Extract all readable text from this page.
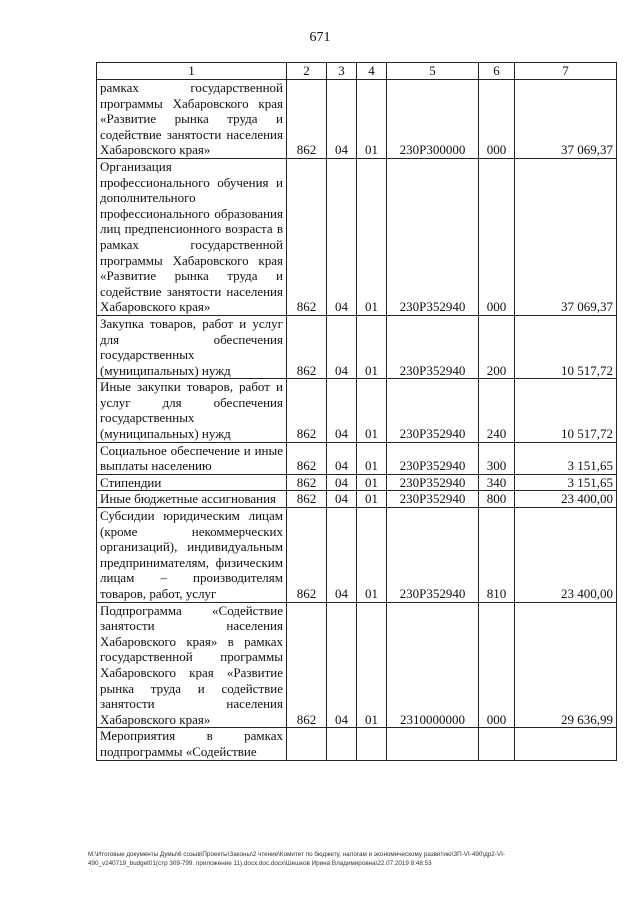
671
1	2	3	4	5	6	7
рамках государственной программы Хабаровского края «Развитие рынка труда и содействие занятости населения Хабаровского края»	862	04	01	230P300000	000	37 069,37
Организация профессионального обучения и дополнительного профессионального образования лиц предпенсионного возраста в рамках государственной программы Хабаровского края «Развитие рынка труда и содействие занятости населения Хабаровского края»	862	04	01	230P352940	000	37 069,37
Закупка товаров, работ и услуг для обеспечения государственных (муниципальных) нужд	862	04	01	230P352940	200	10 517,72
Иные закупки товаров, работ и услуг для обеспечения государственных (муниципальных) нужд	862	04	01	230P352940	240	10 517,72
Социальное обеспечение и иные выплаты населению	862	04	01	230P352940	300	3 151,65
Стипендии	862	04	01	230P352940	340	3 151,65
Иные бюджетные ассигнования	862	04	01	230P352940	800	23 400,00
Субсидии юридическим лицам (кроме некоммерческих организаций), индивидуальным предпринимателям, физическим лицам – производителям товаров, работ, услуг	862	04	01	230P352940	810	23 400,00
Подпрограмма «Содействие занятости населения Хабаровского края» в рамках государственной программы Хабаровского края «Развитие рынка труда и содействие занятости населения Хабаровского края»	862	04	01	2310000000	000	29 636,99
Мероприятия в рамках подпрограммы «Содействие						
M:\Итоговые документы Думы\6 созыв\Проекты\Законы\2 чтение\Комитет по бюджету, налогам и экономическому развитию\ЗП-VI-490\др2-VI-
490_v240719_budget01(стр 309-799. приложение 11).docx.doc.docx\Шешков Ирина Владимировна\22.07.2019 8:48:53
